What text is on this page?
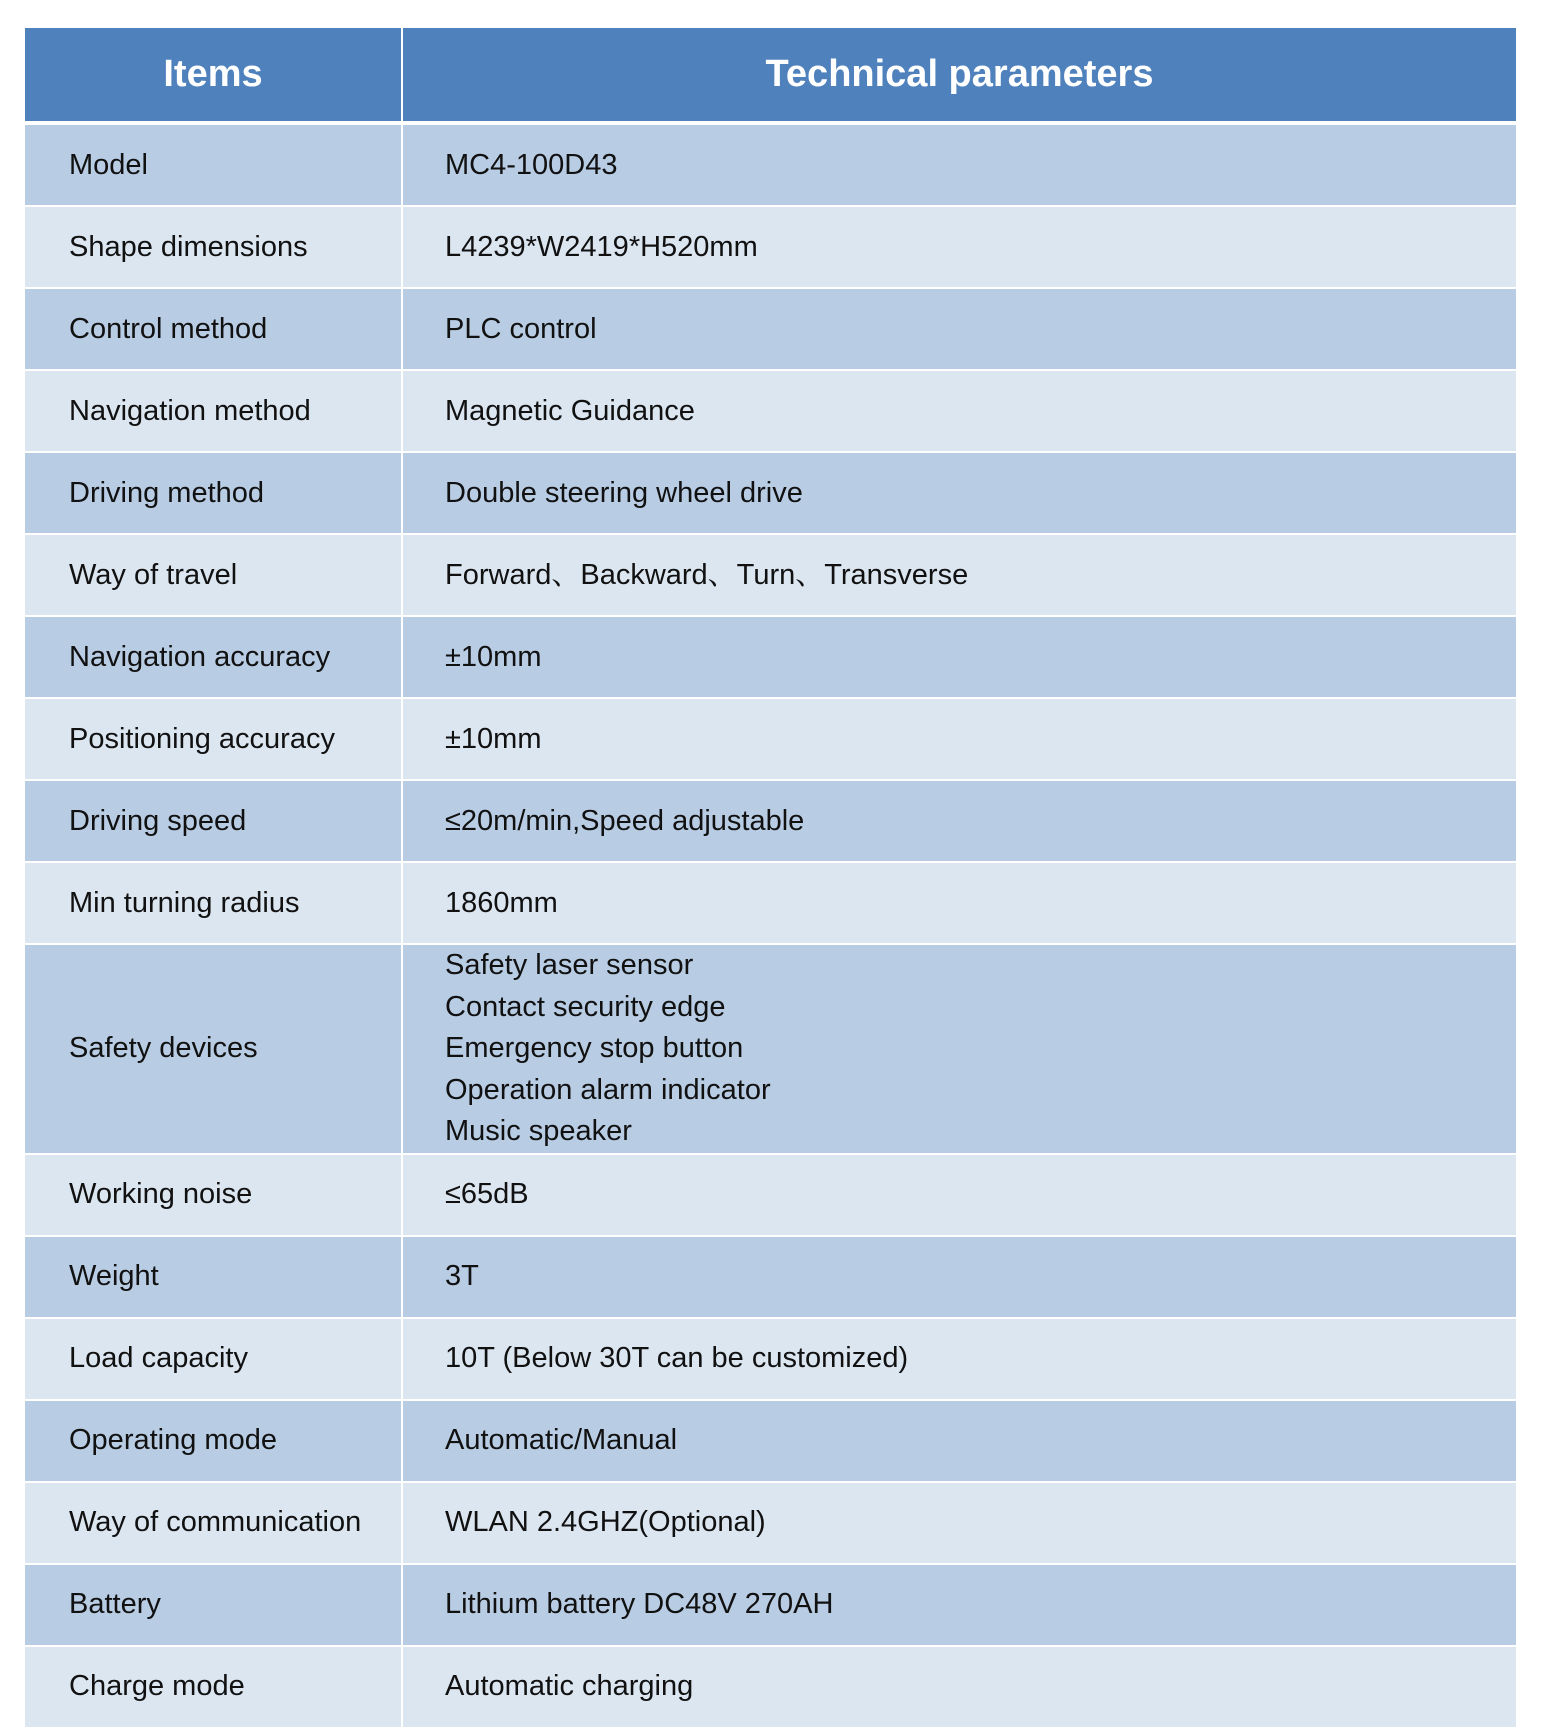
Items	Technical parameters
Model	MC4-100D43
Shape dimensions	L4239*W2419*H520mm
Control method	PLC control
Navigation method	Magnetic Guidance
Driving method	Double steering wheel drive
Way of travel	Forward、Backward、Turn、Transverse
Navigation accuracy	±10mm
Positioning accuracy	±10mm
Driving speed	≤20m/min,Speed adjustable
Min turning radius	1860mm
Safety devices	Safety laser sensor
Contact security edge
Emergency stop button
Operation alarm indicator
Music speaker

Working noise	≤65dB
Weight	3T
Load capacity	10T (Below 30T can be customized)
Operating mode	Automatic/Manual
Way of communication	WLAN 2.4GHZ(Optional)
Battery	Lithium battery DC48V 270AH
Charge mode	Automatic charging
